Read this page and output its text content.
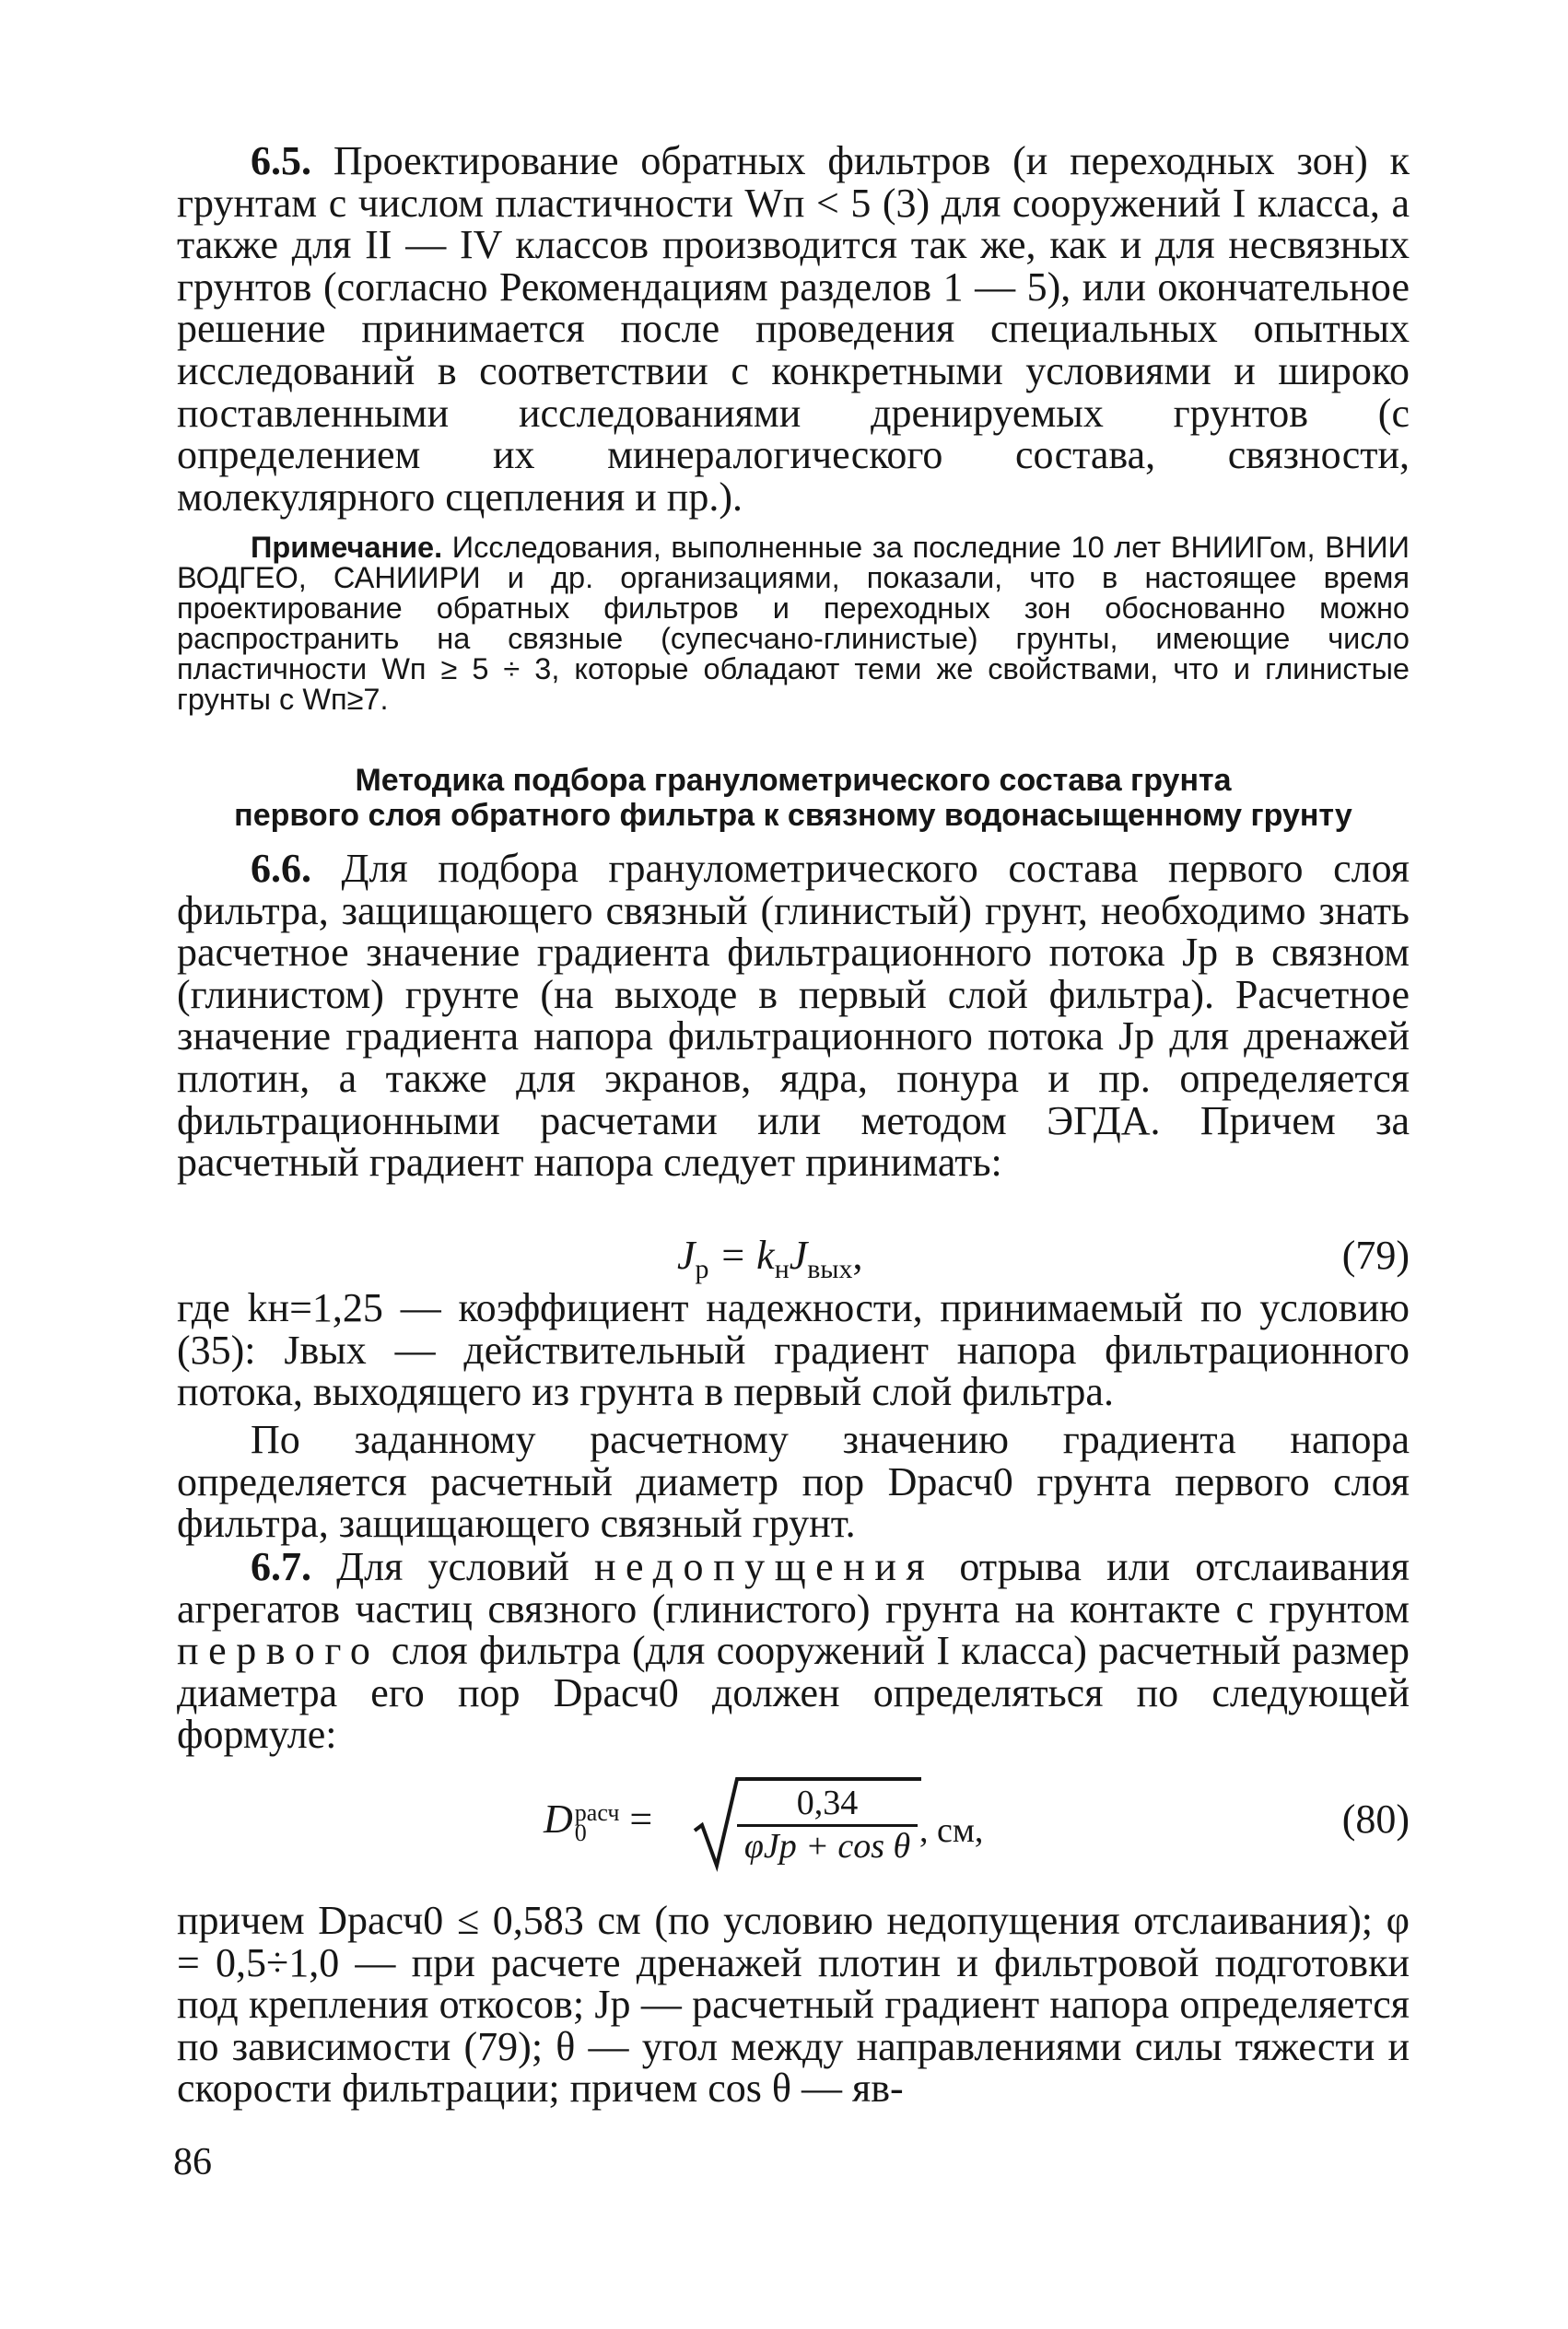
6.5. Проектирование обратных фильтров (и переходных зон) к грунтам с числом пластичности Wп < 5 (3) для сооружений I класса, а также для II — IV классов производится так же, как и для несвязных грунтов (согласно Рекомендациям разделов 1 — 5), или окончательное решение принимается после проведения специальных опытных исследований в соответствии с конкретными условиями и широко поставленными исследованиями дренируемых грунтов (с определением их минералогического состава, связности, молекулярного сцепления и пр.).

Примечание. Исследования, выполненные за последние 10 лет ВНИИГом, ВНИИ ВОДГЕО, САНИИРИ и др. организациями, показали, что в настоящее время проектирование обратных фильтров и переходных зон обоснованно можно распространить на связные (супесчано-глинистые) грунты, имеющие число пластичности Wп ≥ 5 ÷ 3, которые обладают теми же свойствами, что и глинистые грунты с Wп≥7.

Методика подбора гранулометрического состава грунта

первого слоя обратного фильтра к связному водонасыщенному грунту

6.6. Для подбора гранулометрического состава первого слоя фильтра, защищающего связный (глинистый) грунт, необходимо знать расчетное значение градиента фильтрационного потока Jр в связном (глинистом) грунте (на выходе в первый слой фильтра). Расчетное значение градиента напора фильтрационного потока Jр для дренажей плотин, а также для экранов, ядра, понура и пр. определяется фильтрационными расчетами или методом ЭГДА. Причем за расчетный градиент напора следует принимать:

$J_р = k_нJ_{вых}$,	(79)

где kн=1,25 — коэффициент надежности, принимаемый по условию (35): Jвых — действительный градиент напора фильтрационного потока, выходящего из грунта в первый слой фильтра.

По заданному расчетному значению градиента напора определяется расчетный диаметр пор Dрасч0 грунта первого слоя фильтра, защищающего связный грунт.

6.7. Для условий недопущения отрыва или отслаивания агрегатов частиц связного (глинистого) грунта на контакте с грунтом первого слоя фильтра (для сооружений I класса) расчетный размер диаметра его пор Dрасч0 должен определяться по следующей формуле:

D расч
0	=	0,34
φJр + cos θ , см,	(80)

причем Dрасч0 ≤ 0,583 см (по условию недопущения отслаивания); φ = 0,5÷1,0 — при расчете дренажей плотин и фильтровой подготовки под крепления откосов; Jр — расчетный градиент напора определяется по зависимости (79); θ — угол между направлениями силы тяжести и скорости фильтрации; причем cos θ — яв-

86
